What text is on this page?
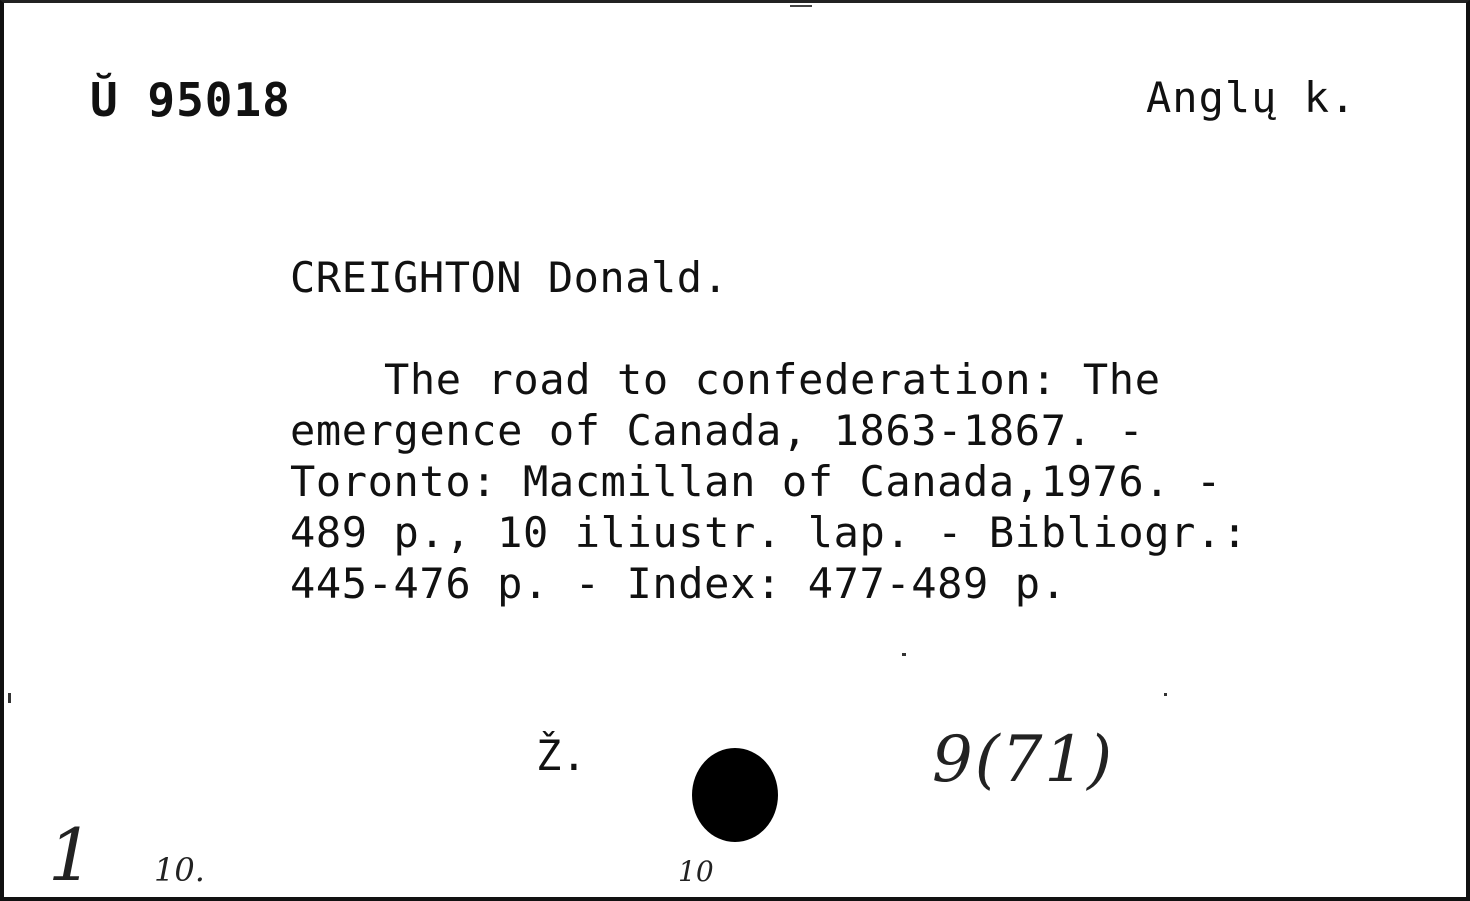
Ŭ 95018	Anglų k.
CREIGHTON Donald.
The road to confederation: The
emergence of Canada, 1863-1867. -
Toronto: Macmillan of Canada,1976. -
489 p., 10 iliustr. lap. - Bibliogr.:
445-476 p. - Index: 477-489 p.
Ž.	9(71)
1 10.	10
